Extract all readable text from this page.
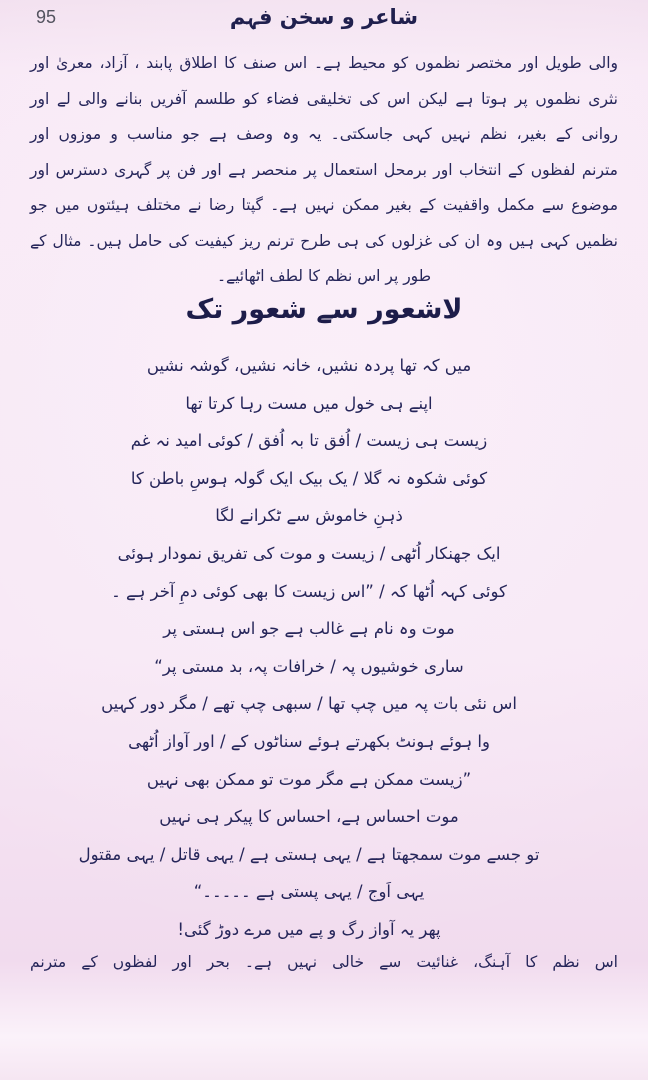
95	شاعر و سخن فہم
والی طویل اور مختصر نظموں کو محیط ہے۔ اس صنف کا اطلاق پابند ، آزاد، معریٰ اور
نثری نظموں پر ہوتا ہے لیکن اس کی تخلیقی فضاء کو طلسم آفریں بنانے والی لے اور
روانی کے بغیر، نظم نہیں کہی جاسکتی۔ یہ وہ وصف ہے جو مناسب و موزوں اور
مترنم لفظوں کے انتخاب اور برمحل استعمال پر منحصر ہے اور فن پر گہری دسترس اور
موضوع سے مکمل واقفیت کے بغیر ممکن نہیں ہے۔ گپتا رضا نے مختلف ہیئتوں میں جو
نظمیں کہی ہیں وہ ان کی غزلوں کی ہی طرح ترنم ریز کیفیت کی حامل ہیں۔ مثال کے
طور پر اس نظم کا لطف اٹھائیے۔
لاشعور سے شعور تک
میں کہ تھا پردہ نشیں، خانہ نشیں، گوشہ نشیں
اپنے ہی خول میں مست رہا کرتا تھا
زیست ہی زیست / اُفق تا بہ اُفق / کوئی امید نہ غم
کوئی شکوہ نہ گلا / یک بیک ایک گولہ ہوسِ باطن کا
ذہنِ خاموش سے ٹکرانے لگا
ایک جھنکار اُٹھی / زیست و موت کی تفریق نمودار ہوئی
کوئی کہہ اُٹھا کہ / ”اس زیست کا بھی کوئی دمِ آخر ہے ۔
موت وہ نام ہے غالب ہے جو اس ہستی پر
ساری خوشیوں پہ / خرافات پہ، بد مستی پر“
اس نئی بات پہ میں چپ تھا / سبھی چپ تھے / مگر دور کہیں
وا ہوئے ہونٹ بکھرتے ہوئے سناٹوں کے / اور آواز اُٹھی
”زیست ممکن ہے مگر موت تو ممکن بھی نہیں
موت احساس ہے، احساس کا پیکر ہی نہیں
تو جسے موت سمجھتا ہے / یہی ہستی ہے / یہی قاتل / یہی مقتول
یہی اَوج / یہی پستی ہے ۔۔۔۔۔“
پھر یہ آواز رگ و پے میں مرے دوڑ گئی!
اس نظم کا آہنگ، غنائیت سے خالی نہیں ہے۔ بحر اور لفظوں کے مترنم
